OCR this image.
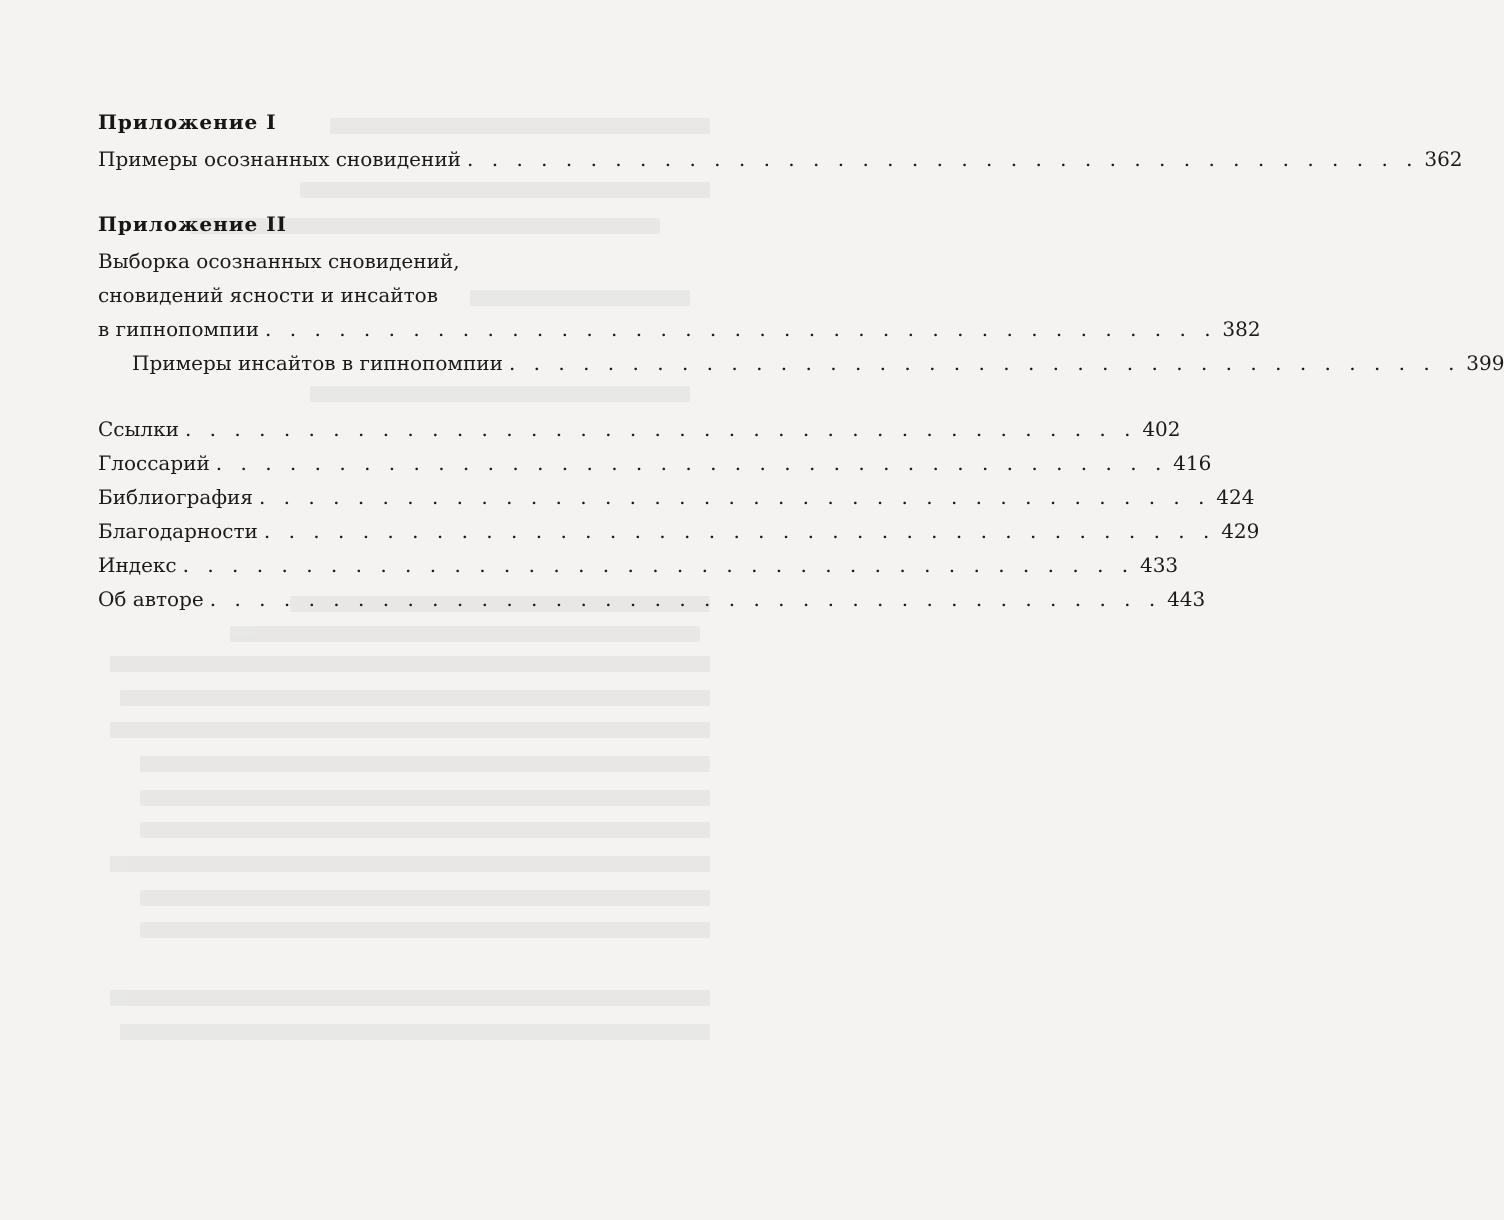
Приложение I
Примеры осознанных сновидений . . . . . . . . . . . . . . . . . . . . . . . . . . . . . . . . . . . . . . . 362
Приложение II
Выборка осознанных сновидений,
сновидений ясности и инсайтов
в гипнопомпии . . . . . . . . . . . . . . . . . . . . . . . . . . . . . . . . . . . . . . . 382
Примеры инсайтов в гипнопомпии . . . . . . . . . . . . . . . . . . . . . . . . . . . . . . . . . . . . . . . 399
Ссылки . . . . . . . . . . . . . . . . . . . . . . . . . . . . . . . . . . . . . . . 402
Глоссарий . . . . . . . . . . . . . . . . . . . . . . . . . . . . . . . . . . . . . . . 416
Библиография . . . . . . . . . . . . . . . . . . . . . . . . . . . . . . . . . . . . . . . 424
Благодарности . . . . . . . . . . . . . . . . . . . . . . . . . . . . . . . . . . . . . . . 429
Индекс . . . . . . . . . . . . . . . . . . . . . . . . . . . . . . . . . . . . . . . 433
Об авторе . . . . . . . . . . . . . . . . . . . . . . . . . . . . . . . . . . . . . . . 443
